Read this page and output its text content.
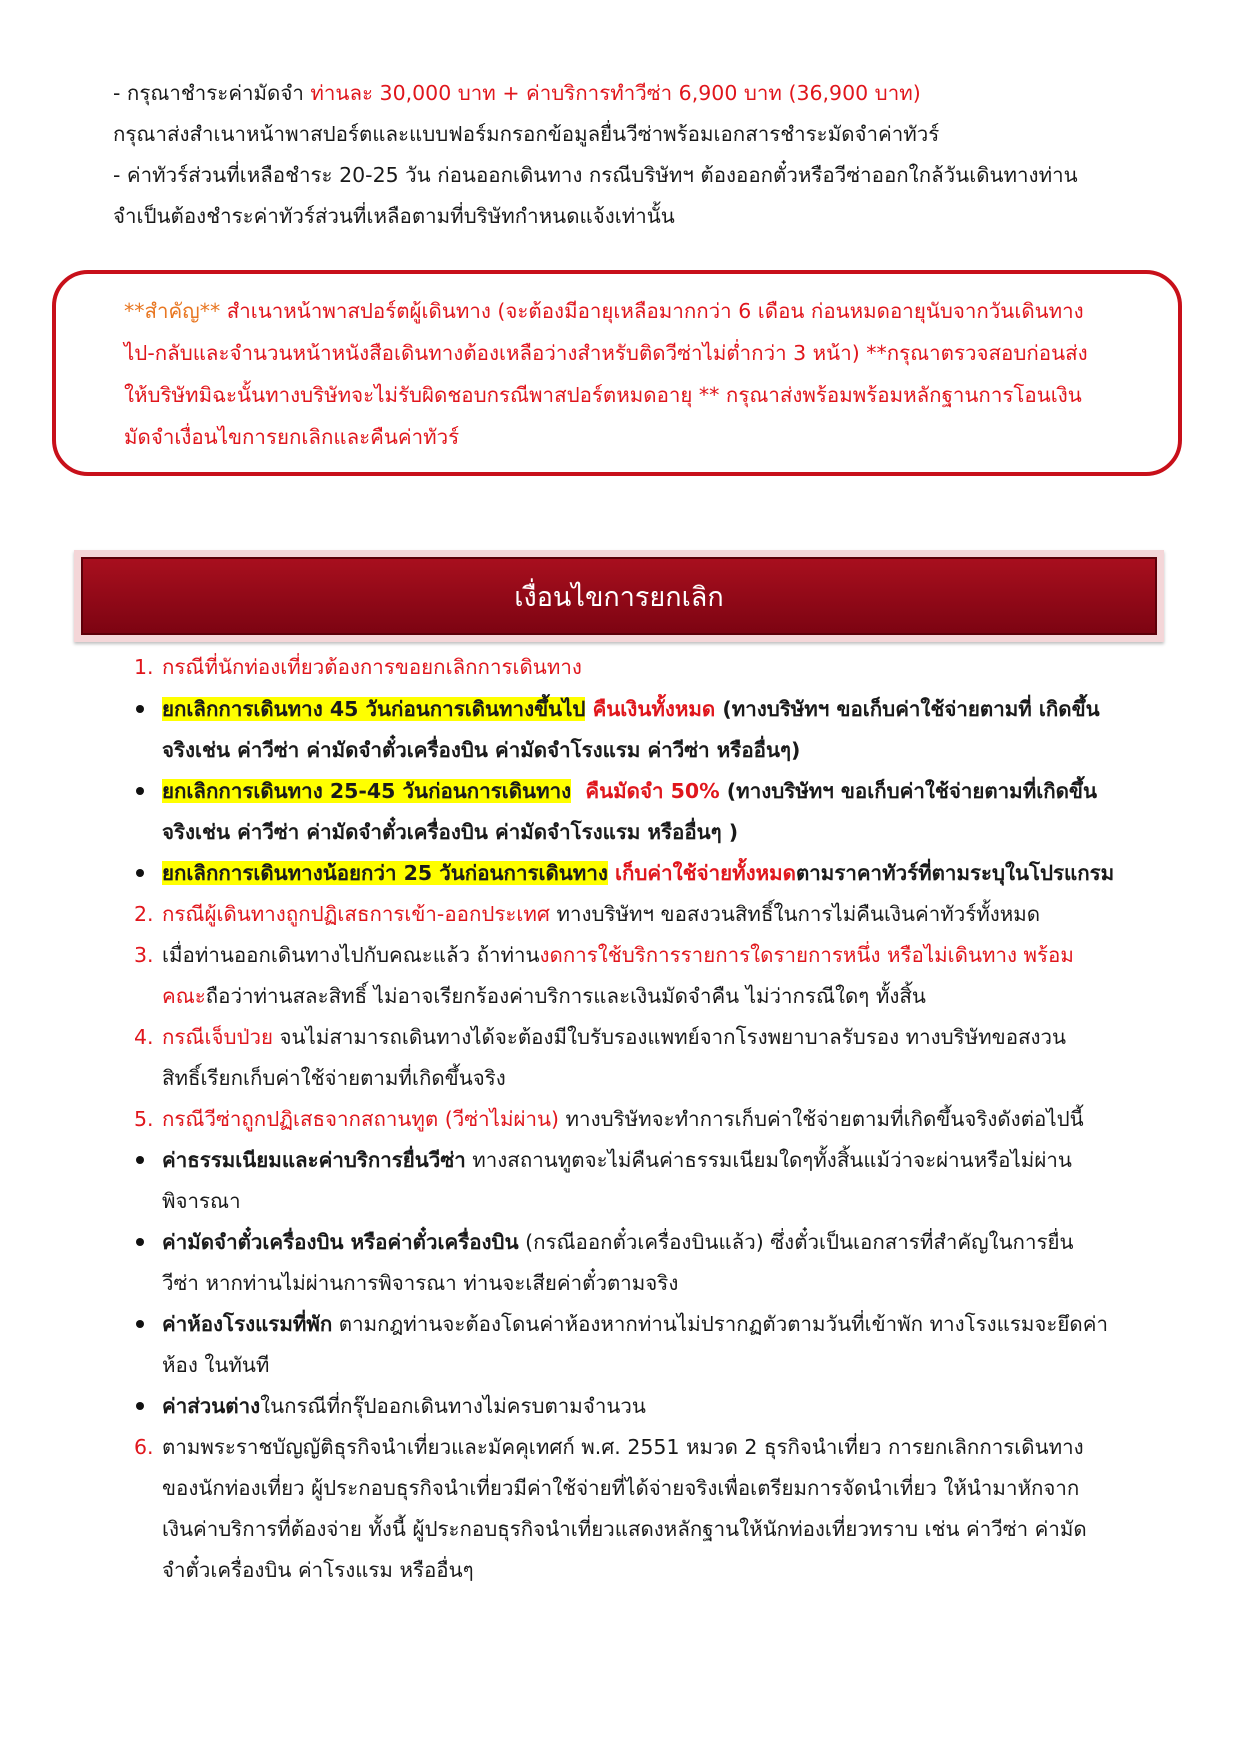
- กรุณาชำระค่ามัดจำ ท่านละ 30,000 บาท + ค่าบริการทำวีซ่า 6,900 บาท (36,900 บาท)
กรุณาส่งสำเนาหน้าพาสปอร์ตและแบบฟอร์มกรอกข้อมูลยื่นวีซ่าพร้อมเอกสารชำระมัดจำค่าทัวร์
- ค่าทัวร์ส่วนที่เหลือชำระ 20-25 วัน ก่อนออกเดินทาง กรณีบริษัทฯ ต้องออกตั๋วหรือวีซ่าออกใกล้วันเดินทางท่าน
จำเป็นต้องชำระค่าทัวร์ส่วนที่เหลือตามที่บริษัทกำหนดแจ้งเท่านั้น
**สำคัญ** สำเนาหน้าพาสปอร์ตผู้เดินทาง (จะต้องมีอายุเหลือมากกว่า 6 เดือน ก่อนหมดอายุนับจากวันเดินทาง
ไป-กลับและจำนวนหน้าหนังสือเดินทางต้องเหลือว่างสำหรับติดวีซ่าไม่ต่ำกว่า 3 หน้า) **กรุณาตรวจสอบก่อนส่ง
ให้บริษัทมิฉะนั้นทางบริษัทจะไม่รับผิดชอบกรณีพาสปอร์ตหมดอายุ ** กรุณาส่งพร้อมพร้อมหลักฐานการโอนเงิน
มัดจำเงื่อนไขการยกเลิกและคืนค่าทัวร์
เงื่อนไขการยกเลิก
1. กรณีที่นักท่องเที่ยวต้องการขอยกเลิกการเดินทาง
ยกเลิกการเดินทาง 45 วันก่อนการเดินทางขึ้นไป คืนเงินทั้งหมด (ทางบริษัทฯ ขอเก็บค่าใช้จ่ายตามที่ เกิดขึ้น
จริงเช่น ค่าวีซ่า ค่ามัดจำตั๋วเครื่องบิน ค่ามัดจำโรงแรม ค่าวีซ่า หรืออื่นๆ)
ยกเลิกการเดินทาง 25-45 วันก่อนการเดินทาง คืนมัดจำ 50% (ทางบริษัทฯ ขอเก็บค่าใช้จ่ายตามที่เกิดขึ้น
จริงเช่น ค่าวีซ่า ค่ามัดจำตั๋วเครื่องบิน ค่ามัดจำโรงแรม หรืออื่นๆ )
ยกเลิกการเดินทางน้อยกว่า 25 วันก่อนการเดินทาง เก็บค่าใช้จ่ายทั้งหมดตามราคาทัวร์ที่ตามระบุในโปรแกรม
2. กรณีผู้เดินทางถูกปฏิเสธการเข้า-ออกประเทศ ทางบริษัทฯ ขอสงวนสิทธิ์ในการไม่คืนเงินค่าทัวร์ทั้งหมด
3. เมื่อท่านออกเดินทางไปกับคณะแล้ว ถ้าท่านงดการใช้บริการรายการใดรายการหนึ่ง หรือไม่เดินทาง พร้อม
คณะถือว่าท่านสละสิทธิ์ ไม่อาจเรียกร้องค่าบริการและเงินมัดจำคืน ไม่ว่ากรณีใดๆ ทั้งสิ้น
4. กรณีเจ็บป่วย จนไม่สามารถเดินทางได้จะต้องมีใบรับรองแพทย์จากโรงพยาบาลรับรอง ทางบริษัทขอสงวน
สิทธิ์เรียกเก็บค่าใช้จ่ายตามที่เกิดขึ้นจริง
5. กรณีวีซ่าถูกปฏิเสธจากสถานทูต (วีซ่าไม่ผ่าน) ทางบริษัทจะทำการเก็บค่าใช้จ่ายตามที่เกิดขึ้นจริงดังต่อไปนี้
ค่าธรรมเนียมและค่าบริการยื่นวีซ่า ทางสถานทูตจะไม่คืนค่าธรรมเนียมใดๆทั้งสิ้นแม้ว่าจะผ่านหรือไม่ผ่าน
พิจารณา
ค่ามัดจำตั๋วเครื่องบิน หรือค่าตั๋วเครื่องบิน (กรณีออกตั๋วเครื่องบินแล้ว) ซึ่งตั๋วเป็นเอกสารที่สำคัญในการยื่น
วีซ่า หากท่านไม่ผ่านการพิจารณา ท่านจะเสียค่าตั๋วตามจริง
ค่าห้องโรงแรมที่พัก ตามกฎท่านจะต้องโดนค่าห้องหากท่านไม่ปรากฏตัวตามวันที่เข้าพัก ทางโรงแรมจะยึดค่า
ห้อง ในทันที
ค่าส่วนต่างในกรณีที่กรุ๊ปออกเดินทางไม่ครบตามจำนวน
6. ตามพระราชบัญญัติธุรกิจนำเที่ยวและมัคคุเทศก์ พ.ศ. 2551 หมวด 2 ธุรกิจนำเที่ยว การยกเลิกการเดินทาง
ของนักท่องเที่ยว ผู้ประกอบธุรกิจนำเที่ยวมีค่าใช้จ่ายที่ได้จ่ายจริงเพื่อเตรียมการจัดนำเที่ยว ให้นำมาหักจาก
เงินค่าบริการที่ต้องจ่าย ทั้งนี้ ผู้ประกอบธุรกิจนำเที่ยวแสดงหลักฐานให้นักท่องเที่ยวทราบ เช่น ค่าวีซ่า ค่ามัด
จำตั๋วเครื่องบิน ค่าโรงแรม หรืออื่นๆ
